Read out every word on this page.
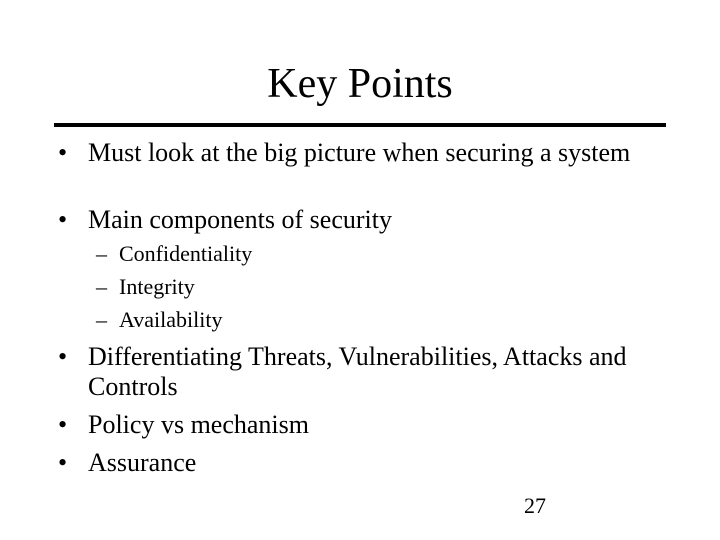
Key Points
• Must look at the big picture when securing a system
• Main components of security
– Confidentiality
– Integrity
– Availability
• Differentiating Threats, Vulnerabilities, Attacks and Controls
• Policy vs mechanism
• Assurance
27
